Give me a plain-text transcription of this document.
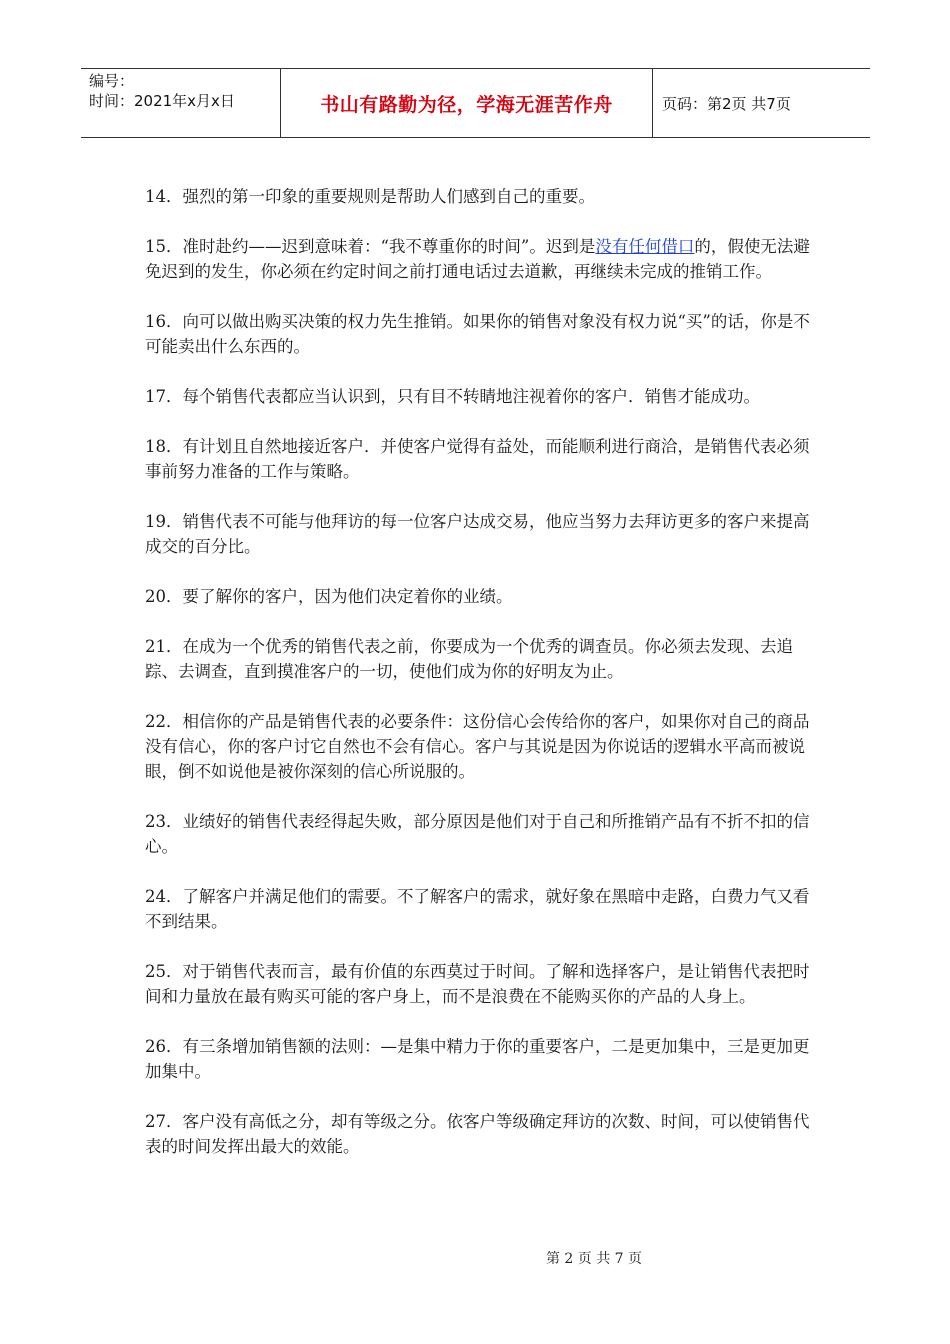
编号：
时间：2021年x月x日	书山有路勤为径，学海无涯苦作舟	页码：第2页 共7页

14．强烈的第一印象的重要规则是帮助人们感到自己的重要。

15．准时赴约——迟到意味着：“我不尊重你的时间”。迟到是没有任何借口的，假使无法避免迟到的发生，你必须在约定时间之前打通电话过去道歉，再继续未完成的推销工作。

16．向可以做出购买决策的权力先生推销。如果你的销售对象没有权力说“买”的话，你是不可能卖出什么东西的。

17．每个销售代表都应当认识到，只有目不转睛地注视着你的客户．销售才能成功。

18．有计划且自然地接近客户．并使客户觉得有益处，而能顺利进行商洽，是销售代表必须事前努力准备的工作与策略。

19．销售代表不可能与他拜访的每一位客户达成交易，他应当努力去拜访更多的客户来提高成交的百分比。

20．要了解你的客户，因为他们决定着你的业绩。

21．在成为一个优秀的销售代表之前，你要成为一个优秀的调查员。你必须去发现、去追踪、去调查，直到摸准客户的一切，使他们成为你的好明友为止。

22．相信你的产品是销售代表的必要条件：这份信心会传给你的客户，如果你对自己的商品没有信心，你的客户讨它自然也不会有信心。客户与其说是因为你说话的逻辑水平高而被说眼，倒不如说他是被你深刻的信心所说服的。

23．业绩好的销售代表经得起失败，部分原因是他们对于自己和所推销产品有不折不扣的信心。

24．了解客户并满足他们的需要。不了解客户的需求，就好象在黑暗中走路，白费力气又看不到结果。

25．对于销售代表而言，最有价值的东西莫过于时间。了解和选择客户，是让销售代表把时间和力量放在最有购买可能的客户身上，而不是浪费在不能购买你的产品的人身上。

26．有三条增加销售额的法则：—是集中精力于你的重要客户，二是更加集中，三是更加更加集中。

27．客户没有高低之分，却有等级之分。依客户等级确定拜访的次数、时间，可以使销售代表的时间发挥出最大的效能。

第 2 页 共 7 页
